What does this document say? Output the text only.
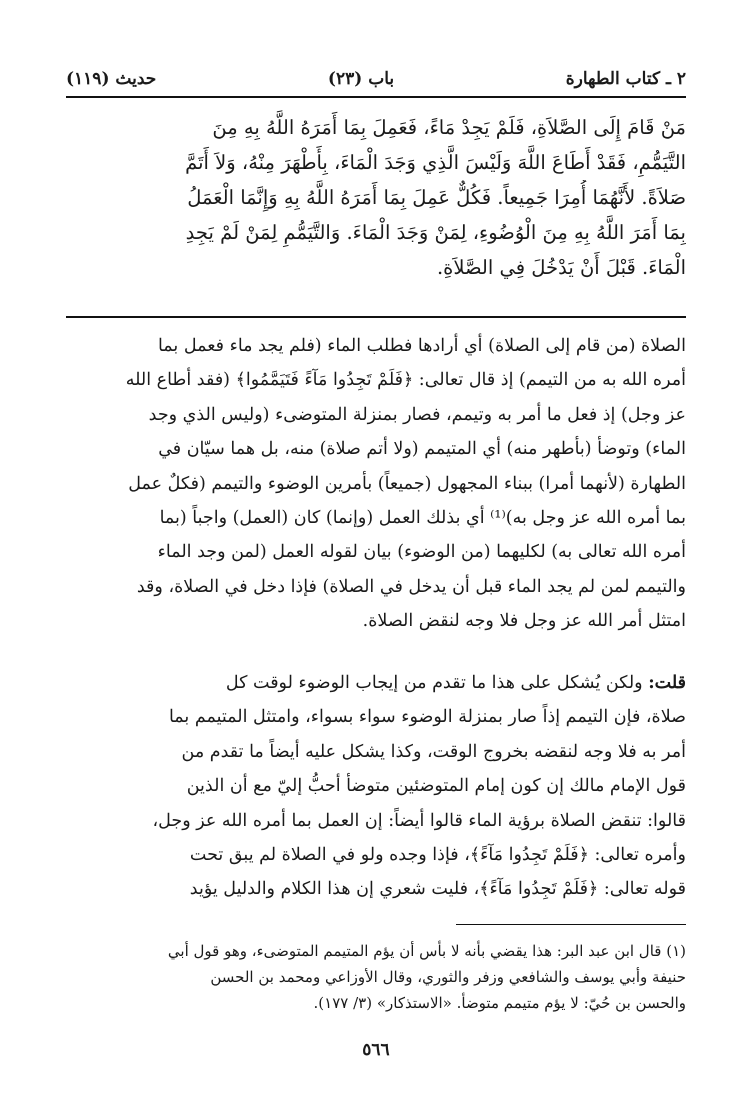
(١١٩) حديث	(٢٣) باب	٢ ـ كتاب الطهارة

مَنْ قَامَ إِلَى الصَّلاَةِ، فَلَمْ يَجِدْ مَاءً، فَعَمِلَ بِمَا أَمَرَهُ اللَّهُ بِهِ مِنَ

التَّيَمُّمِ، فَقَدْ أَطَاعَ اللَّهَ وَلَيْسَ الَّذِي وَجَدَ الْمَاءَ، بِأَطْهَرَ مِنْهُ، وَلاَ أَتَمَّ

صَلاَةً. لأَنَّهُمَا أُمِرَا جَمِيعاً. فَكُلٌّ عَمِلَ بِمَا أَمَرَهُ اللَّهُ بِهِ وَإِنَّمَا الْعَمَلُ

بِمَا أَمَرَ اللَّهُ بِهِ مِنَ الْوُضُوءِ، لِمَنْ وَجَدَ الْمَاءَ. وَالتَّيَمُّمِ لِمَنْ لَمْ يَجِدِ

الْمَاءَ. قَبْلَ أَنْ يَدْخُلَ فِي الصَّلاَةِ.

الصلاة (من قام إلى الصلاة) أي أرادها فطلب الماء (فلم يجد ماء فعمل بما

أمره الله به من التيمم) إذ قال تعالى: ﴿فَلَمْ تَجِدُوا مَآءً فَتَيَمَّمُوا﴾ (فقد أطاع الله

عز وجل) إذ فعل ما أمر به وتيمم، فصار بمنزلة المتوضىء (وليس الذي وجد

الماء) وتوضأ (بأطهر منه) أي المتيمم (ولا أتم صلاة) منه، بل هما سيّان في

الطهارة (لأنهما أمرا) ببناء المجهول (جميعاً) بأمرين الوضوء والتيمم (فكلٌ عمل

بما أمره الله عز وجل به)⁽¹⁾ أي بذلك العمل (وإنما) كان (العمل) واجباً (بما

أمره الله تعالى به) لكليهما (من الوضوء) بيان لقوله العمل (لمن وجد الماء

والتيمم لمن لم يجد الماء قبل أن يدخل في الصلاة) فإذا دخل في الصلاة، وقد

امتثل أمر الله عز وجل فلا وجه لنقض الصلاة.

قلت: ولكن يُشكل على هذا ما تقدم من إيجاب الوضوء لوقت كل

صلاة، فإن التيمم إذاً صار بمنزلة الوضوء سواء بسواء، وامتثل المتيمم بما

أمر به فلا وجه لنقضه بخروج الوقت، وكذا يشكل عليه أيضاً ما تقدم من

قول الإمام مالك إن كون إمام المتوضئين متوضأ أحبُّ إليّ مع أن الذين

قالوا: تنقض الصلاة برؤية الماء قالوا أيضاً: إن العمل بما أمره الله عز وجل،

وأمره تعالى: ﴿فَلَمْ تَجِدُوا مَآءً﴾، فإذا وجده ولو في الصلاة لم يبق تحت

قوله تعالى: ﴿فَلَمْ تَجِدُوا مَآءً﴾، فليت شعري إن هذا الكلام والدليل يؤيد

(١) قال ابن عبد البر: هذا يقضي بأنه لا بأس أن يؤم المتيمم المتوضىء، وهو قول أبي

حنيفة وأبي يوسف والشافعي وزفر والثوري، وقال الأوزاعي ومحمد بن الحسن

والحسن بن حُيّ: لا يؤم متيمم متوضأ. «الاستذكار» (٣/ ١٧٧).

٥٦٦
